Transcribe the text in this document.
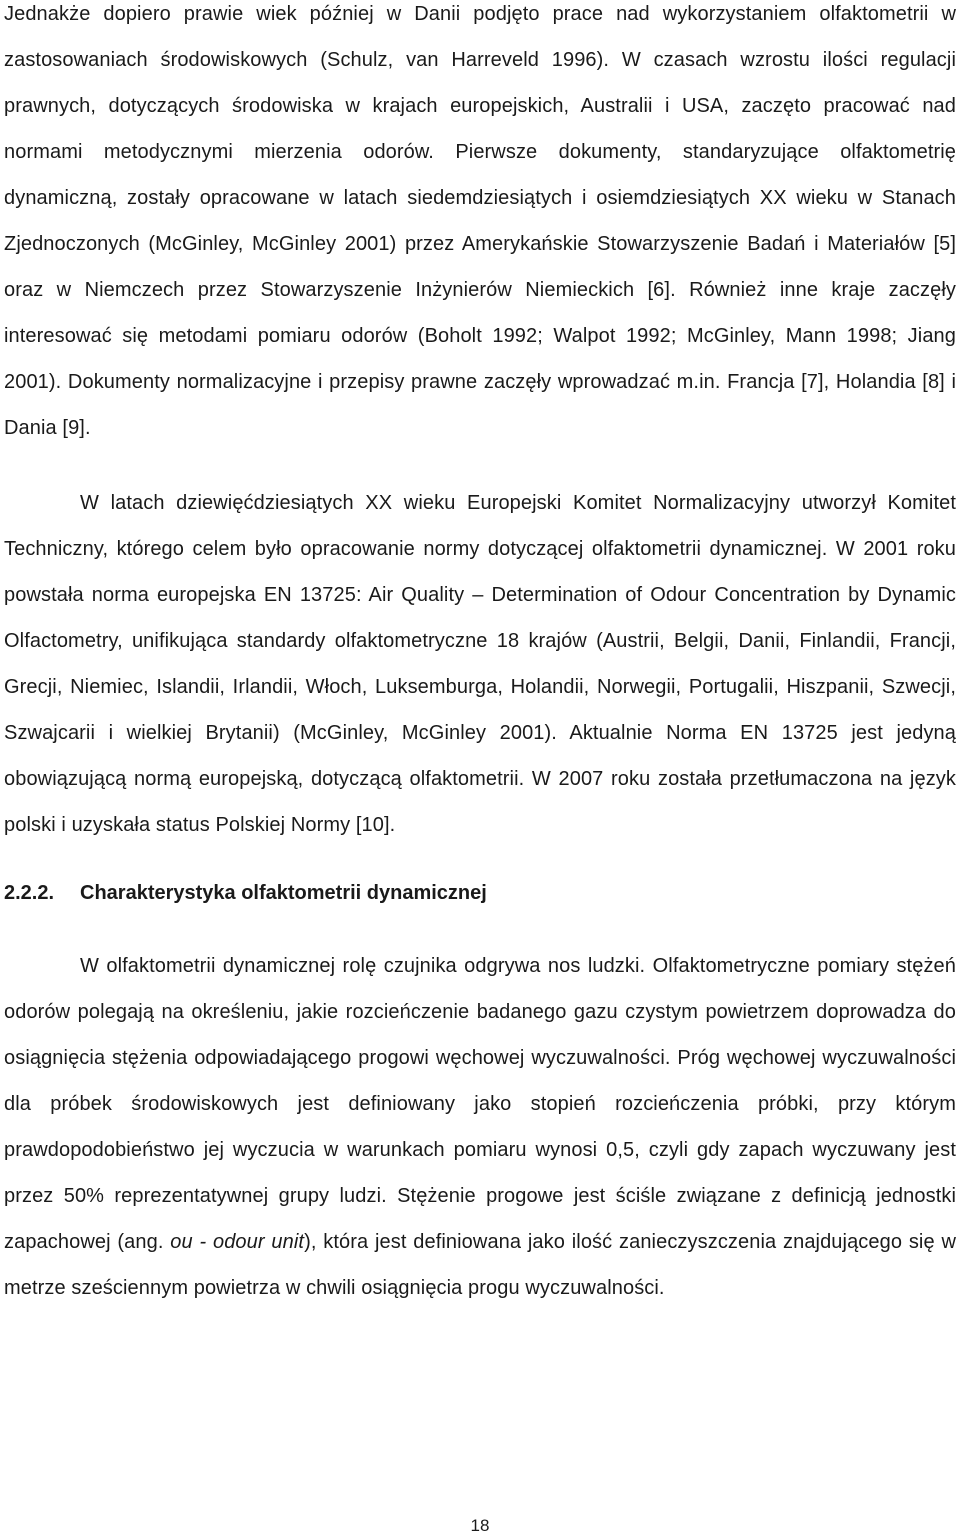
Jednakże dopiero prawie wiek później w Danii podjęto prace nad wykorzystaniem olfaktometrii w zastosowaniach środowiskowych (Schulz, van Harreveld 1996). W czasach wzrostu ilości regulacji prawnych, dotyczących środowiska w krajach europejskich, Australii i USA, zaczęto pracować nad normami metodycznymi mierzenia odorów. Pierwsze dokumenty, standaryzujące olfaktometrię dynamiczną, zostały opracowane w latach siedemdziesiątych i osiemdziesiątych XX wieku w Stanach Zjednoczonych (McGinley, McGinley 2001) przez Amerykańskie Stowarzyszenie Badań i Materiałów [5] oraz w Niemczech przez Stowarzyszenie Inżynierów Niemieckich [6]. Również inne kraje zaczęły interesować się metodami pomiaru odorów (Boholt 1992; Walpot 1992; McGinley, Mann 1998; Jiang 2001). Dokumenty normalizacyjne i przepisy prawne zaczęły wprowadzać m.in. Francja [7], Holandia [8] i Dania [9].

W latach dziewięćdziesiątych XX wieku Europejski Komitet Normalizacyjny utworzył Komitet Techniczny, którego celem było opracowanie normy dotyczącej olfaktometrii dynamicznej. W 2001 roku powstała norma europejska EN 13725: Air Quality – Determination of Odour Concentration by Dynamic Olfactometry, unifikująca standardy olfaktometryczne 18 krajów (Austrii, Belgii, Danii, Finlandii, Francji, Grecji, Niemiec, Islandii, Irlandii, Włoch, Luksemburga, Holandii, Norwegii, Portugalii, Hiszpanii, Szwecji, Szwajcarii i wielkiej Brytanii) (McGinley, McGinley 2001). Aktualnie Norma EN 13725 jest jedyną obowiązującą normą europejską, dotyczącą olfaktometrii. W 2007 roku została przetłumaczona na język polski i uzyskała status Polskiej Normy [10].

2.2.2. Charakterystyka olfaktometrii dynamicznej

W olfaktometrii dynamicznej rolę czujnika odgrywa nos ludzki. Olfaktometryczne pomiary stężeń odorów polegają na określeniu, jakie rozcieńczenie badanego gazu czystym powietrzem doprowadza do osiągnięcia stężenia odpowiadającego progowi węchowej wyczuwalności. Próg węchowej wyczuwalności dla próbek środowiskowych jest definiowany jako stopień rozcieńczenia próbki, przy którym prawdopodobieństwo jej wyczucia w warunkach pomiaru wynosi 0,5, czyli gdy zapach wyczuwany jest przez 50% reprezentatywnej grupy ludzi. Stężenie progowe jest ściśle związane z definicją jednostki zapachowej (ang. ou - odour unit), która jest definiowana jako ilość zanieczyszczenia znajdującego się w metrze sześciennym powietrza w chwili osiągnięcia progu wyczuwalności.

18
